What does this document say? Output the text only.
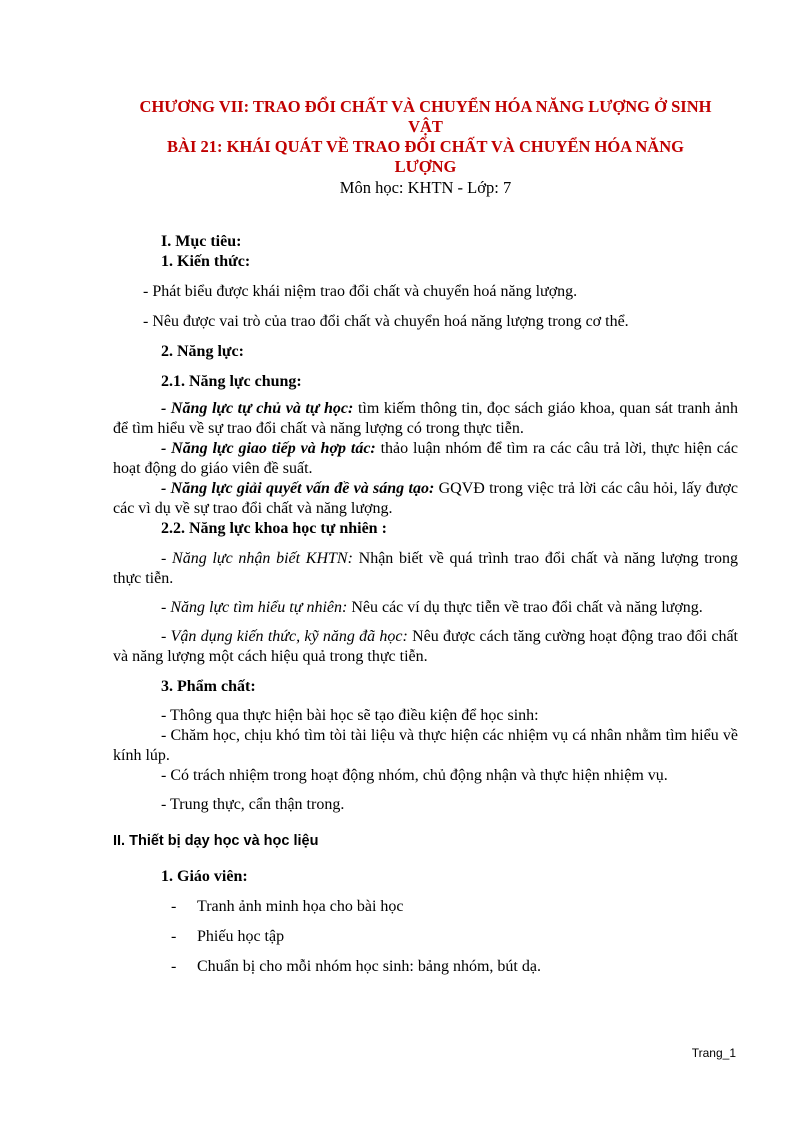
CHƯƠNG VII: TRAO ĐỔI CHẤT VÀ CHUYỂN HÓA NĂNG LƯỢNG Ở SINH VẬT
BÀI 21: KHÁI QUÁT VỀ TRAO ĐỔI CHẤT VÀ CHUYỂN HÓA NĂNG LƯỢNG
Môn học: KHTN - Lớp: 7
I. Mục tiêu:
1. Kiến thức:
- Phát biểu được khái niệm trao đổi chất và chuyển hoá năng lượng.
- Nêu được vai trò của trao đổi chất và chuyển hoá năng lượng trong cơ thể.
2. Năng lực:
2.1. Năng lực chung:
- Năng lực tự chủ và tự học: tìm kiếm thông tin, đọc sách giáo khoa, quan sát tranh ảnh để tìm hiểu về sự trao đổi chất và năng lượng có trong thực tiễn.
- Năng lực giao tiếp và hợp tác: thảo luận nhóm để tìm ra các câu trả lời, thực hiện các hoạt động do giáo viên đề suất.
- Năng lực giải quyết vấn đề và sáng tạo: GQVĐ trong việc trả lời các câu hỏi, lấy được các vì dụ về sự trao đổi chất và năng lượng.
2.2. Năng lực khoa học tự nhiên :
- Năng lực nhận biết KHTN: Nhận biết về quá trình trao đổi chất và năng lượng trong thực tiễn.
- Năng lực tìm hiểu tự nhiên: Nêu các ví dụ thực tiễn về trao đổi chất và năng lượng.
- Vận dụng kiến thức, kỹ năng đã học: Nêu được cách tăng cường hoạt động trao đổi chất và năng lượng một cách hiệu quả trong thực tiễn.
3. Phẩm chất:
- Thông qua thực hiện bài học sẽ tạo điều kiện để học sinh:
- Chăm học, chịu khó tìm tòi tài liệu và thực hiện các nhiệm vụ cá nhân nhằm tìm hiểu về kính lúp.
- Có trách nhiệm trong hoạt động nhóm, chủ động nhận và thực hiện nhiệm vụ.
- Trung thực, cẩn thận trong.
II. Thiết bị dạy học và học liệu
1. Giáo viên:
-	Tranh ảnh minh họa cho bài học
-	Phiếu học tập
-	Chuẩn bị cho mỗi nhóm học sinh: bảng nhóm, bút dạ.
Trang_1
